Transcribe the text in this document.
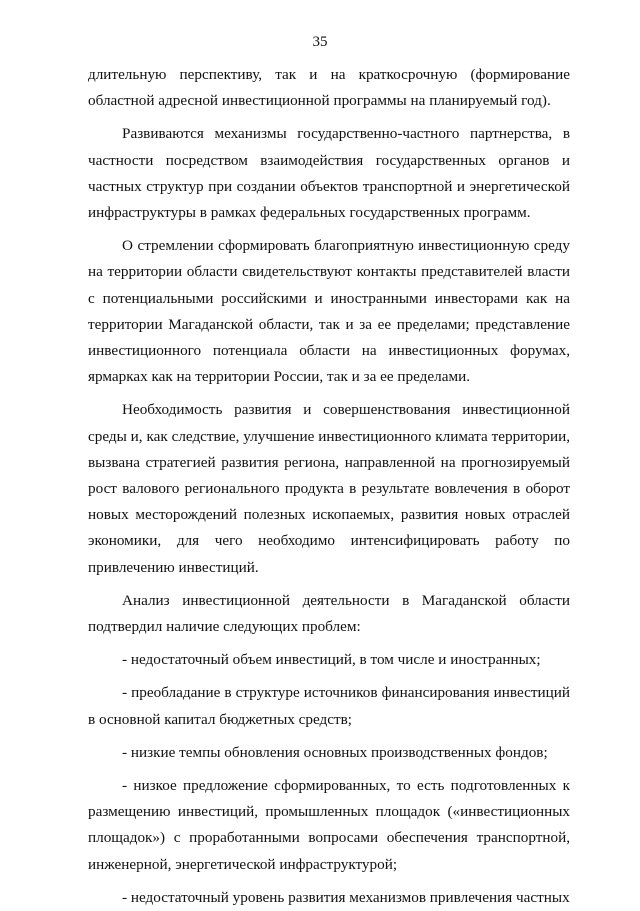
35

длительную перспективу, так и на краткосрочную (формирование областной адресной инвестиционной программы на планируемый год).

Развиваются механизмы государственно-частного партнерства, в частности посредством взаимодействия государственных органов и частных структур при создании объектов транспортной и энергетической инфраструктуры в рамках федеральных государственных программ.

О стремлении сформировать благоприятную инвестиционную среду на территории области свидетельствуют контакты представителей власти с потенциальными российскими и иностранными инвесторами как на территории Магаданской области, так и за ее пределами; представление инвестиционного потенциала области на инвестиционных форумах, ярмарках как на территории России, так и за ее пределами.

Необходимость развития и совершенствования инвестиционной среды и, как следствие, улучшение инвестиционного климата территории, вызвана стратегией развития региона, направленной на прогнозируемый рост валового регионального продукта в результате вовлечения в оборот новых месторождений полезных ископаемых, развития новых отраслей экономики, для чего необходимо интенсифицировать работу по привлечению инвестиций.

Анализ инвестиционной деятельности в Магаданской области подтвердил наличие следующих проблем:

- недостаточный объем инвестиций, в том числе и иностранных;

- преобладание в структуре источников финансирования инвестиций в основной капитал бюджетных средств;

- низкие темпы обновления основных производственных фондов;

- низкое предложение сформированных, то есть подготовленных к размещению инвестиций, промышленных площадок («инвестиционных площадок») с проработанными вопросами обеспечения транспортной, инженерной, энергетической инфраструктурой;

- недостаточный уровень развития механизмов привлечения частных
